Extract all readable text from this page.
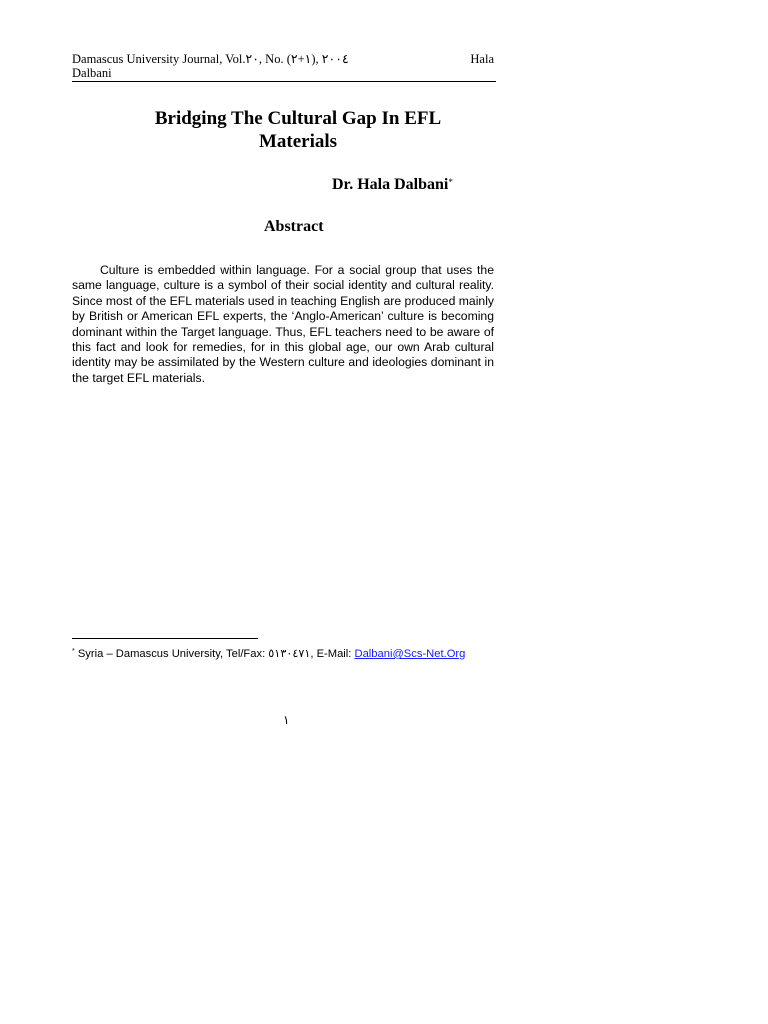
Damascus University Journal, Vol.٢٠, No. (١+٢), ٢٠٠٤	Hala
Dalbani
Bridging The Cultural Gap In EFL
Materials
Dr. Hala Dalbani*
Abstract

Culture is embedded within language. For a social group that uses the same language, culture is a symbol of their social identity and cultural reality. Since most of the EFL materials used in teaching English are produced mainly by British or American EFL experts, the ‘Anglo-American’ culture is becoming dominant within the Target language. Thus, EFL teachers need to be aware of this fact and look for remedies, for in this global age, our own Arab cultural identity may be assimilated by the Western culture and ideologies dominant in the target EFL materials.

* Syria – Damascus University, Tel/Fax: ٥١٣٠٤٧١, E-Mail: Dalbani@Scs-Net.Org
١
